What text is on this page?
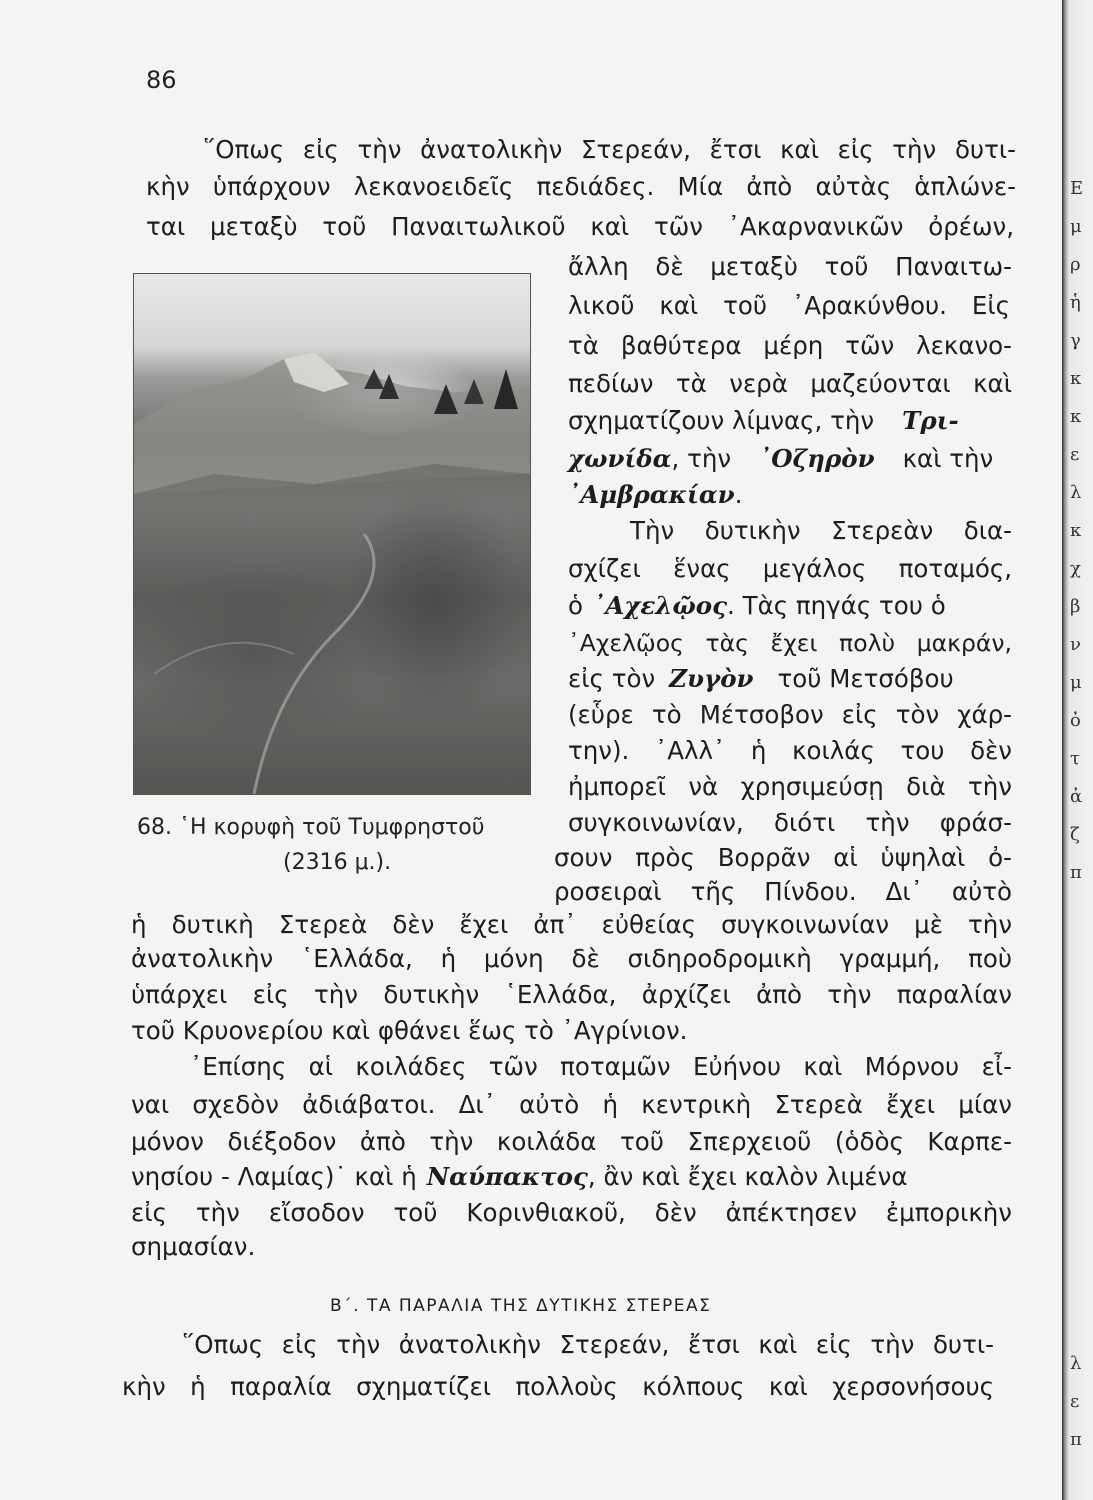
Ε
μ
ρ
ἡ
γ
κ
κ
ε
λ
κ
χ
β
ν
μ
ὀ
τ
ἀ
ζ
π
λ
ε
π
86
῞Οπως εἰς τὴν ἀνατολικὴν Στερεάν, ἔτσι καὶ εἰς τὴν δυτι-
κὴν ὑπάρχουν λεκανοειδεῖς πεδιάδες. Μία ἀπὸ αὐτὰς ἁπλώνε-
ται μεταξὺ τοῦ Παναιτωλικοῦ καὶ τῶν ᾿Ακαρνανικῶν ὀρέων,
ἄλλη δὲ μεταξὺ τοῦ Παναιτω-
λικοῦ καὶ τοῦ ᾿Αρακύνθου. Εἰς
τὰ βαθύτερα μέρη τῶν λεκανο-
πεδίων τὰ νερὰ μαζεύονται καὶ
σχηματίζουν λίμνας, τὴν Τρι-
χωνίδα, τὴν ᾿Οζηρὸν καὶ τὴν
᾿Αμβρακίαν.
68. ῾Η κορυφὴ τοῦ Τυμφρηστοῦ
(2316 μ.).
Τὴν δυτικὴν Στερεὰν δια-
σχίζει ἕνας μεγάλος ποταμός,
ὁ ᾿Αχελῷος. Τὰς πηγάς του ὁ
᾿Αχελῷος τὰς ἔχει πολὺ μακράν,
εἰς τὸν Ζυγὸν τοῦ Μετσόβου
(εὗρε τὸ Μέτσοβον εἰς τὸν χάρ-
την). ᾿Αλλ᾿ ἡ κοιλάς του δὲν
ἠμπορεῖ νὰ χρησιμεύσῃ διὰ τὴν
συγκοινωνίαν, διότι τὴν φράσ-
σουν πρὸς Βορρᾶν αἱ ὑψηλαὶ ὀ-
ροσειραὶ τῆς Πίνδου. Δι᾿ αὐτὸ
ἡ δυτικὴ Στερεὰ δὲν ἔχει ἀπ᾿ εὐθείας συγκοινωνίαν μὲ τὴν
ἀνατολικὴν ῾Ελλάδα, ἡ μόνη δὲ σιδηροδρομικὴ γραμμή, ποὺ
ὑπάρχει εἰς τὴν δυτικὴν ῾Ελλάδα, ἀρχίζει ἀπὸ τὴν παραλίαν
τοῦ Κρυονερίου καὶ φθάνει ἕως τὸ ᾿Αγρίνιον.
᾿Επίσης αἱ κοιλάδες τῶν ποταμῶν Εὐήνου καὶ Μόρνου εἶ-
ναι σχεδὸν ἀδιάβατοι. Δι᾿ αὐτὸ ἡ κεντρικὴ Στερεὰ ἔχει μίαν
μόνον διέξοδον ἀπὸ τὴν κοιλάδα τοῦ Σπερχειοῦ (ὁδὸς Καρπε-
νησίου - Λαμίας)˙ καὶ ἡ Ναύπακτος, ἂν καὶ ἔχει καλὸν λιμένα
εἰς τὴν εἴσοδον τοῦ Κορινθιακοῦ, δὲν ἀπέκτησεν ἐμπορικὴν
σημασίαν.
Β΄. ΤΑ ΠΑΡΑΛΙΑ ΤΗΣ ΔΥΤΙΚΗΣ ΣΤΕΡΕΑΣ
῞Οπως εἰς τὴν ἀνατολικὴν Στερεάν, ἔτσι καὶ εἰς τὴν δυτι-
κὴν ἡ παραλία σχηματίζει πολλοὺς κόλπους καὶ χερσονήσους
